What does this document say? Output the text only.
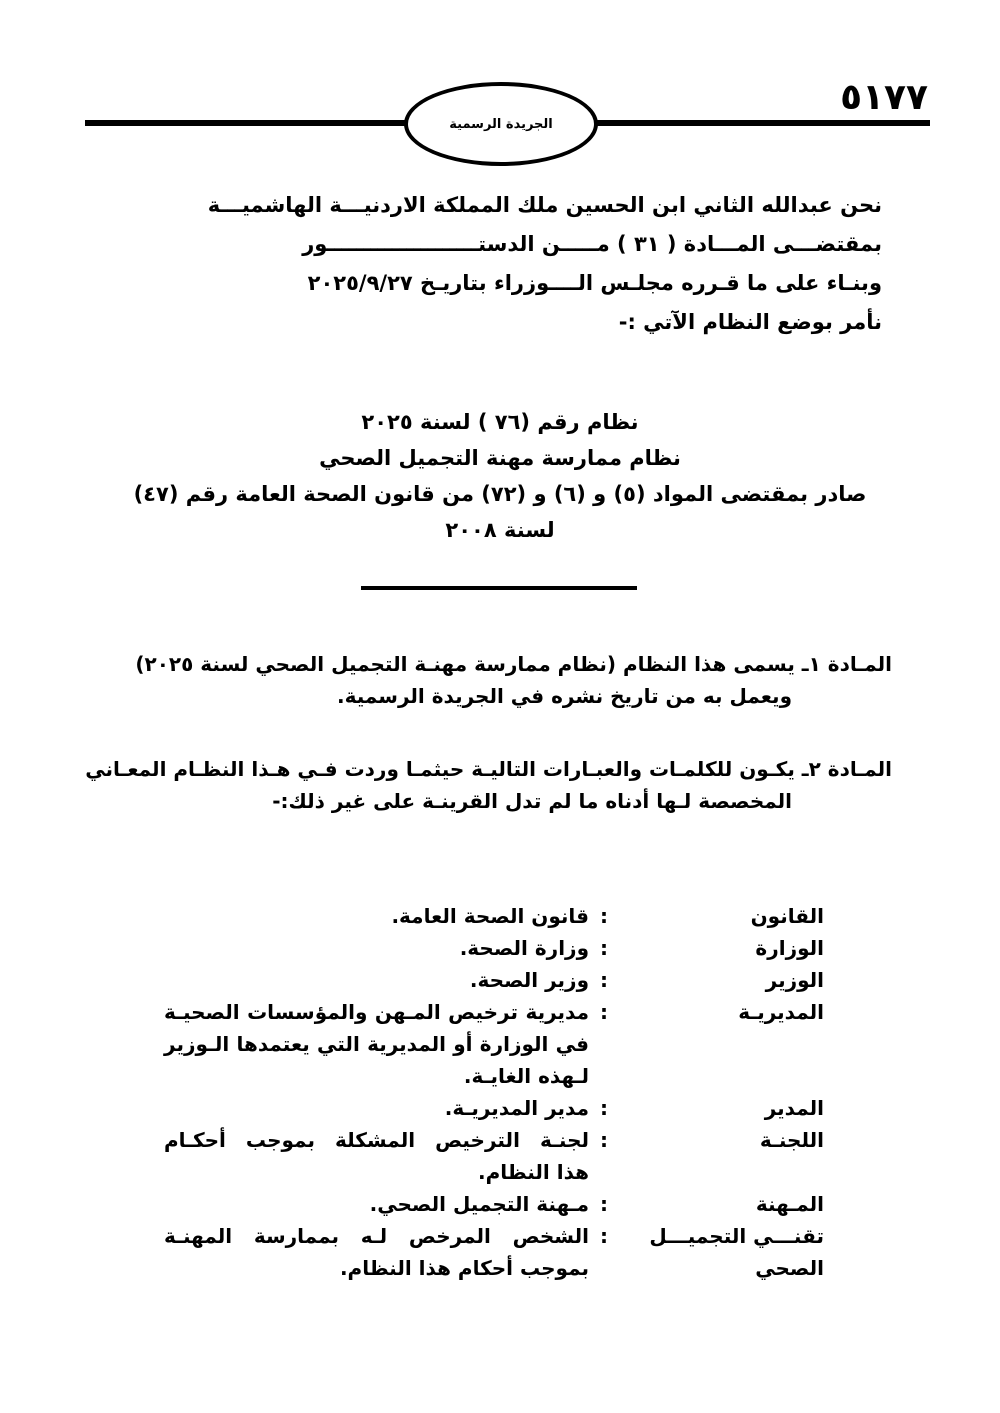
٥١٧٧
الجريدة الرسمية
نحن عبدالله الثاني ابن الحسين ملك المملكة الاردنيـــة الهاشميـــة
بمقتضـــى المـــادة ( ٣١ ) مـــــن الدستـــــــــــــــــــــور
وبنـاء على ما قـرره مجلـس الــــوزراء بتاريـخ ٢٠٢٥/٩/٢٧
نأمر بوضع النظام الآتي :-
نظام رقم (٧٦ ) لسنة ٢٠٢٥
نظام ممارسة مهنة التجميل الصحي
صادر بمقتضى المواد (٥) و (٦) و (٧٢) من قانون الصحة العامة رقم (٤٧)
لسنة ٢٠٠٨
المـادة ١ـ يسمى هذا النظام (نظام ممارسة مهنـة التجميل الصحي لسنة ٢٠٢٥)
ويعمل به من تاريخ نشره في الجريدة الرسمية.
المـادة ٢ـ يكـون للكلمـات والعبـارات التاليـة حيثمـا وردت فـي هـذا النظـام المعـاني
المخصصة لـها أدناه ما لم تدل القرينـة على غير ذلك:-
القانون
:
قانون الصحة العامة.
الوزارة
:
وزارة الصحة.
الوزير
:
وزير الصحة.
المديريـة
:
مديرية ترخيص المـهن والمؤسسات الصحيـة
في الوزارة أو المديرية التي يعتمدها الـوزير
لـهذه الغايـة.
المدير
:
مدير المديريـة.
اللجنـة
:
لجنـة الترخيص المشكلة بموجب أحكـام
هذا النظام.
المـهنة
:
مـهنة التجميل الصحي.
تقنـــي التجميـــل
الصحي
:
الشخص المرخص لـه بممارسة المهنـة
بموجب أحكام هذا النظام.
